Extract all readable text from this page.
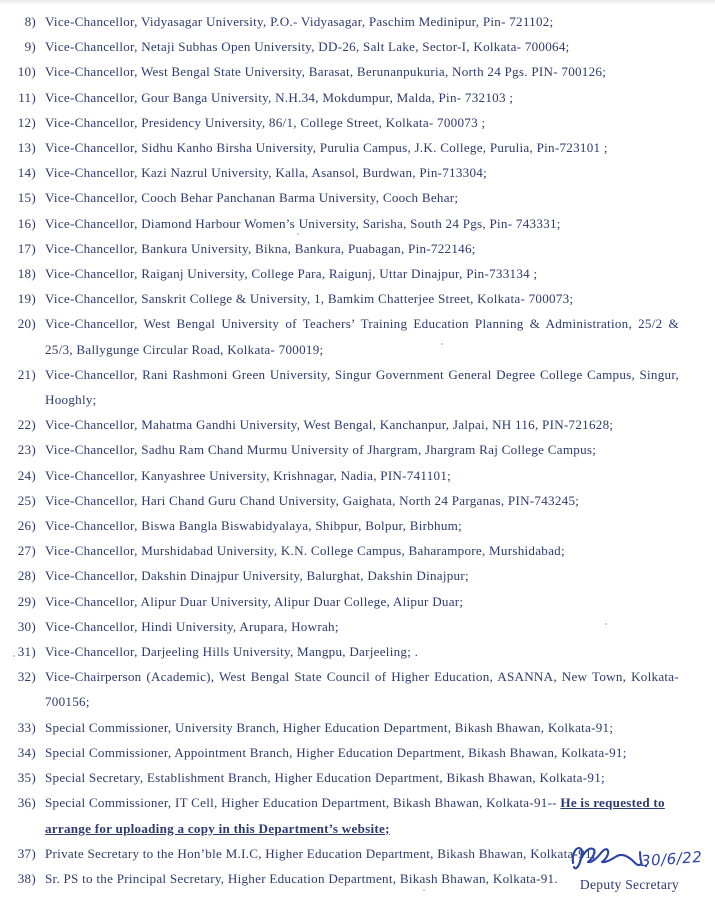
8) Vice-Chancellor, Vidyasagar University, P.O.- Vidyasagar, Paschim Medinipur, Pin- 721102;
9) Vice-Chancellor, Netaji Subhas Open University, DD-26, Salt Lake, Sector-I, Kolkata- 700064;
10) Vice-Chancellor, West Bengal State University, Barasat, Berunanpukuria, North 24 Pgs. PIN- 700126;
11) Vice-Chancellor, Gour Banga University, N.H.34, Mokdumpur, Malda, Pin- 732103 ;
12) Vice-Chancellor, Presidency University, 86/1, College Street, Kolkata- 700073 ;
13) Vice-Chancellor, Sidhu Kanho Birsha University, Purulia Campus, J.K. College, Purulia, Pin-723101 ;
14) Vice-Chancellor, Kazi Nazrul University, Kalla, Asansol, Burdwan, Pin-713304;
15) Vice-Chancellor, Cooch Behar Panchanan Barma University, Cooch Behar;
16) Vice-Chancellor, Diamond Harbour Women’s University, Sarisha, South 24 Pgs, Pin- 743331;
17) Vice-Chancellor, Bankura University, Bikna, Bankura, Puabagan, Pin-722146;
18) Vice-Chancellor, Raiganj University, College Para, Raigunj, Uttar Dinajpur, Pin-733134 ;
19) Vice-Chancellor, Sanskrit College & University, 1, Bamkim Chatterjee Street, Kolkata- 700073;
20) Vice-Chancellor, West Bengal University of Teachers’ Training Education Planning & Administration, 25/2 & 25/3, Ballygunge Circular Road, Kolkata- 700019;
21) Vice-Chancellor, Rani Rashmoni Green University, Singur Government General Degree College Campus, Singur, Hooghly;
22) Vice-Chancellor, Mahatma Gandhi University, West Bengal, Kanchanpur, Jalpai, NH 116, PIN-721628;
23) Vice-Chancellor, Sadhu Ram Chand Murmu University of Jhargram, Jhargram Raj College Campus;
24) Vice-Chancellor, Kanyashree University, Krishnagar, Nadia, PIN-741101;
25) Vice-Chancellor, Hari Chand Guru Chand University, Gaighata, North 24 Parganas, PIN-743245;
26) Vice-Chancellor, Biswa Bangla Biswabidyalaya, Shibpur, Bolpur, Birbhum;
27) Vice-Chancellor, Murshidabad University, K.N. College Campus, Baharampore, Murshidabad;
28) Vice-Chancellor, Dakshin Dinajpur University, Balurghat, Dakshin Dinajpur;
29) Vice-Chancellor, Alipur Duar University, Alipur Duar College, Alipur Duar;
30) Vice-Chancellor, Hindi University, Arupara, Howrah;
31) Vice-Chancellor, Darjeeling Hills University, Mangpu, Darjeeling; .
32) Vice-Chairperson (Academic), West Bengal State Council of Higher Education, ASANNA, New Town, Kolkata- 700156;
33) Special Commissioner, University Branch, Higher Education Department, Bikash Bhawan, Kolkata-91;
34) Special Commissioner, Appointment Branch, Higher Education Department, Bikash Bhawan, Kolkata-91;
35) Special Secretary, Establishment Branch, Higher Education Department, Bikash Bhawan, Kolkata-91;
36) Special Commissioner, IT Cell, Higher Education Department, Bikash Bhawan, Kolkata-91-- He is requested to arrange for uploading a copy in this Department’s website;
37) Private Secretary to the Hon’ble M.I.C, Higher Education Department, Bikash Bhawan, Kolkata-91;
38) Sr. PS to the Principal Secretary, Higher Education Department, Bikash Bhawan, Kolkata-91.
30/6/22
Deputy Secretary
